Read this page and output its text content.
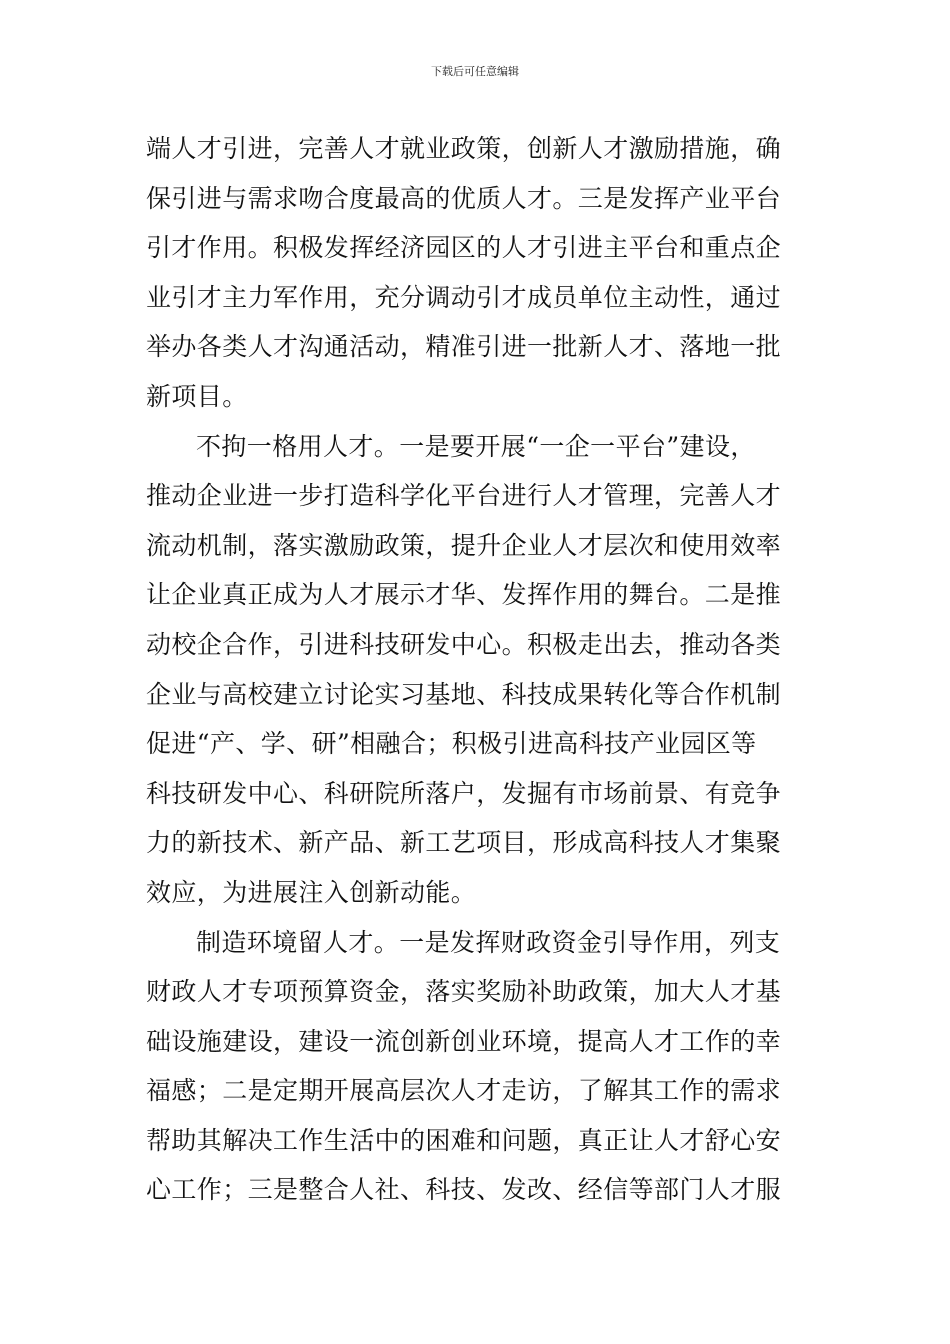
下载后可任意编辑
端人才引进，完善人才就业政策，创新人才激励措施，确
保引进与需求吻合度最高的优质人才。三是发挥产业平台
引才作用。积极发挥经济园区的人才引进主平台和重点企
业引才主力军作用，充分调动引才成员单位主动性，通过
举办各类人才沟通活动，精准引进一批新人才、落地一批
新项目。
不拘一格用人才。一是要开展“一企一平台”建设，
推动企业进一步打造科学化平台进行人才管理，完善人才
流动机制，落实激励政策，提升企业人才层次和使用效率
让企业真正成为人才展示才华、发挥作用的舞台。二是推
动校企合作，引进科技研发中心。积极走出去，推动各类
企业与高校建立讨论实习基地、科技成果转化等合作机制
促进“产、学、研”相融合；积极引进高科技产业园区等
科技研发中心、科研院所落户，发掘有市场前景、有竞争
力的新技术、新产品、新工艺项目，形成高科技人才集聚
效应，为进展注入创新动能。
制造环境留人才。一是发挥财政资金引导作用，列支
财政人才专项预算资金，落实奖励补助政策，加大人才基
础设施建设，建设一流创新创业环境，提高人才工作的幸
福感；二是定期开展高层次人才走访，了解其工作的需求
帮助其解决工作生活中的困难和问题，真正让人才舒心安
心工作；三是整合人社、科技、发改、经信等部门人才服
